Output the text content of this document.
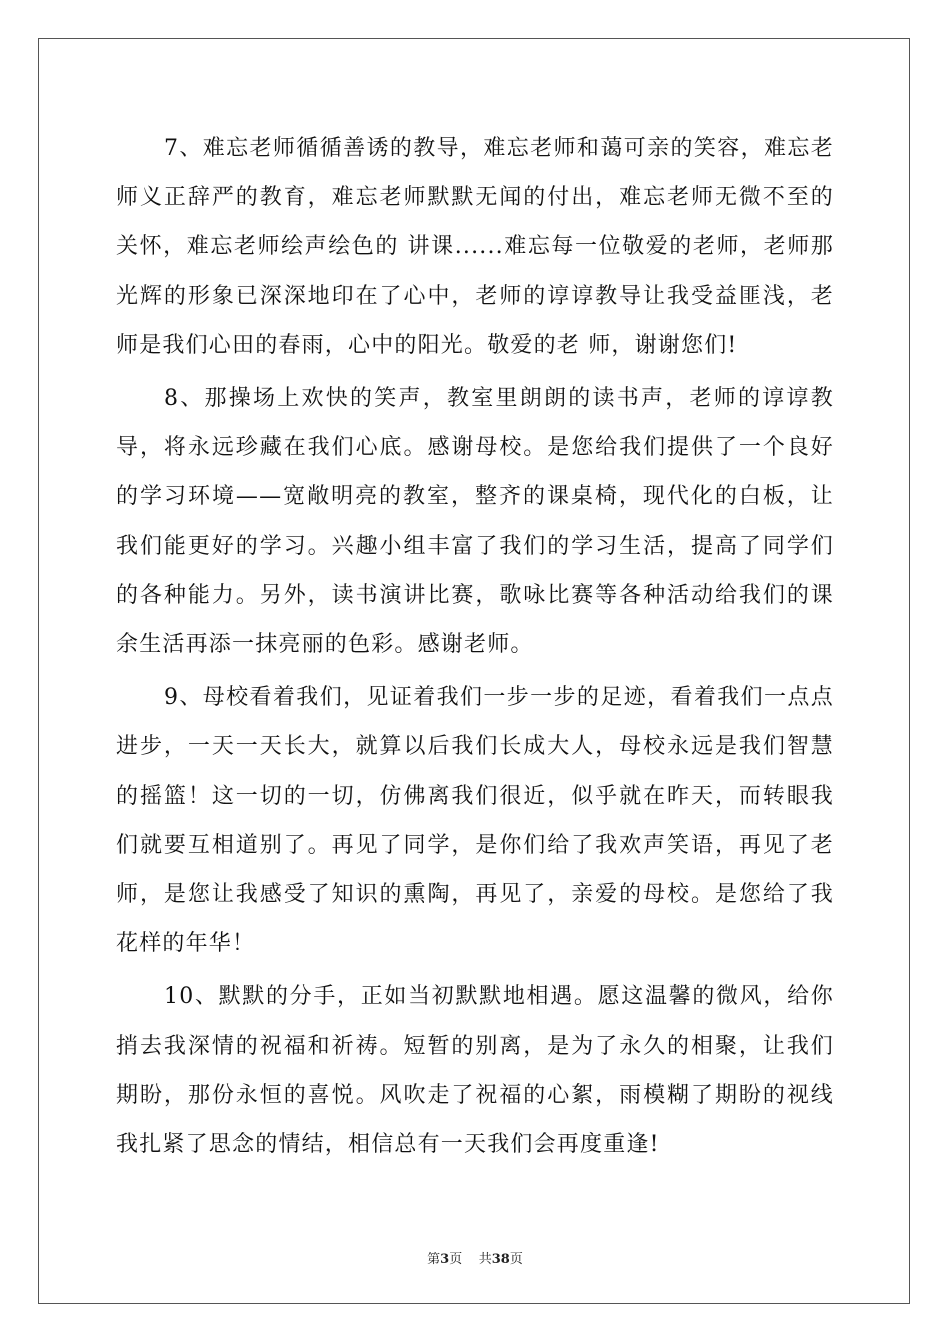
7、难忘老师循循善诱的教导，难忘老师和蔼可亲的笑容，难忘老师义正辞严的教育，难忘老师默默无闻的付出，难忘老师无微不至的关怀，难忘老师绘声绘色的 讲课......难忘每一位敬爱的老师，老师那光辉的形象已深深地印在了心中，老师的谆谆教导让我受益匪浅，老师是我们心田的春雨，心中的阳光。敬爱的老 师，谢谢您们!

8、那操场上欢快的笑声，教室里朗朗的读书声，老师的谆谆教导，将永远珍藏在我们心底。感谢母校。是您给我们提供了一个良好的学习环境——宽敞明亮的教室，整齐的课桌椅，现代化的白板，让我们能更好的学习。兴趣小组丰富了我们的学习生活，提高了同学们的各种能力。另外，读书演讲比赛，歌咏比赛等各种活动给我们的课余生活再添一抹亮丽的色彩。感谢老师。

9、母校看着我们，见证着我们一步一步的足迹，看着我们一点点进步，一天一天长大，就算以后我们长成大人，母校永远是我们智慧的摇篮！这一切的一切，仿佛离我们很近，似乎就在昨天，而转眼我们就要互相道别了。再见了同学，是你们给了我欢声笑语，再见了老师，是您让我感受了知识的熏陶，再见了，亲爱的母校。是您给了我花样的年华！

10、默默的分手，正如当初默默地相遇。愿这温馨的微风，给你捎去我深情的祝福和祈祷。短暂的别离，是为了永久的相聚，让我们期盼，那份永恒的喜悦。风吹走了祝福的心絮，雨模糊了期盼的视线我扎紧了思念的情结，相信总有一天我们会再度重逢!

第3页 共38页
